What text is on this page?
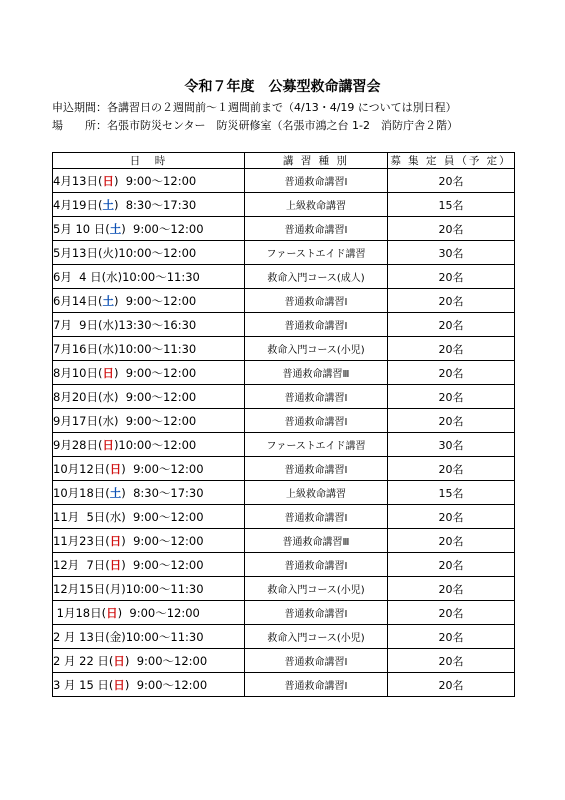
令和７年度　公募型救命講習会
申込期間：各講習日の２週間前～１週間前まで（4/13・4/19 については別日程）
場　　所：名張市防災センター　防災研修室（名張市鴻之台 1-2　消防庁舎２階）
日　時	講 習 種 別	募 集 定 員（予 定）
4月13日(日)  9:00～12:00	普通救命講習Ⅰ	20名
4月19日(土)  8:30～17:30	上級救命講習	15名
5月 10 日(土)  9:00～12:00	普通救命講習Ⅰ	20名
5月13日(火)10:00～12:00	ファーストエイド講習	30名
6月  4 日(水)10:00～11:30	救命入門コース(成人)	20名
6月14日(土)  9:00～12:00	普通救命講習Ⅰ	20名
7月  9日(水)13:30～16:30	普通救命講習Ⅰ	20名
7月16日(水)10:00～11:30	救命入門コース(小児)	20名
8月10日(日)  9:00～12:00	普通救命講習Ⅲ	20名
8月20日(水)  9:00～12:00	普通救命講習Ⅰ	20名
9月17日(水)  9:00～12:00	普通救命講習Ⅰ	20名
9月28日(日)10:00～12:00	ファーストエイド講習	30名
10月12日(日)  9:00～12:00	普通救命講習Ⅰ	20名
10月18日(土)  8:30～17:30	上級救命講習	15名
11月  5日(水)  9:00～12:00	普通救命講習Ⅰ	20名
11月23日(日)  9:00～12:00	普通救命講習Ⅲ	20名
12月  7日(日)  9:00～12:00	普通救命講習Ⅰ	20名
12月15日(月)10:00～11:30	救命入門コース(小児)	20名
1月18日(日)  9:00～12:00	普通救命講習Ⅰ	20名
2 月 13日(金)10:00～11:30	救命入門コース(小児)	20名
2 月 22 日(日)  9:00～12:00	普通救命講習Ⅰ	20名
3 月 15 日(日)  9:00～12:00	普通救命講習Ⅰ	20名
